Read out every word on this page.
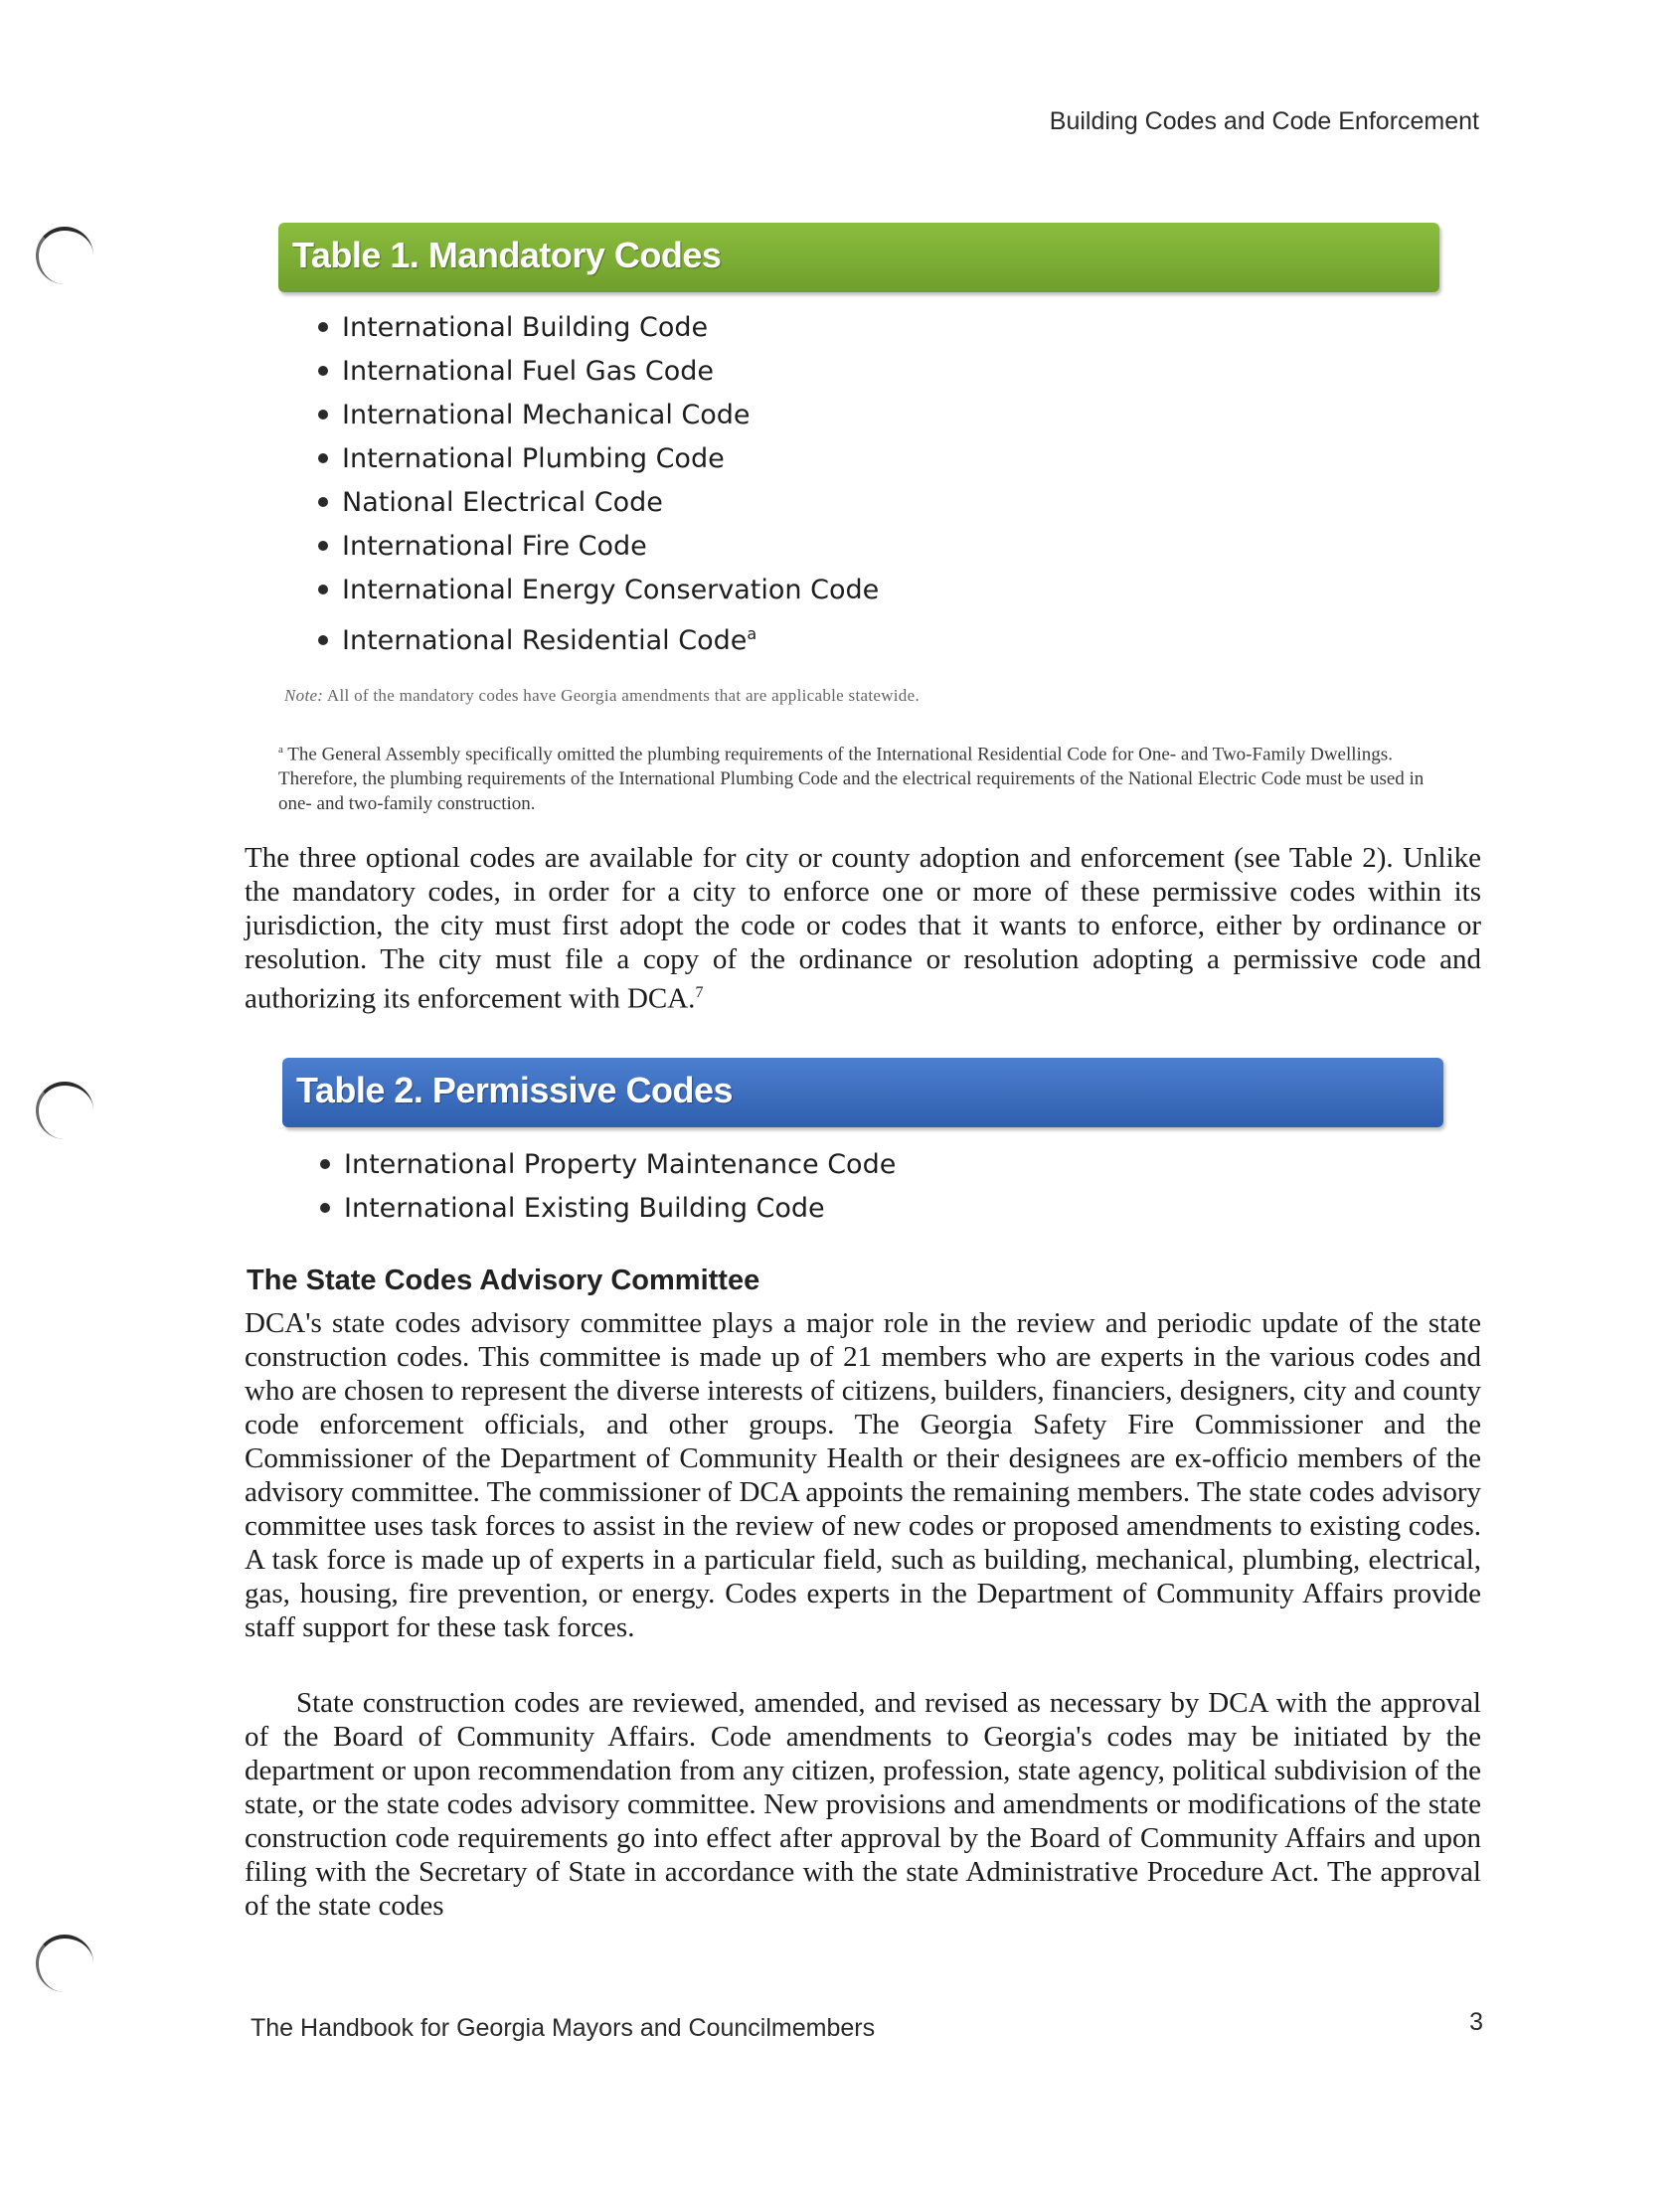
Building Codes and Code Enforcement
Table 1. Mandatory Codes
International Building Code
International Fuel Gas Code
International Mechanical Code
International Plumbing Code
National Electrical Code
International Fire Code
International Energy Conservation Code
International Residential Code$^a$
Note: All of the mandatory codes have Georgia amendments that are applicable statewide.
$^a$ The General Assembly specifically omitted the plumbing requirements of the International Residential Code for One- and Two-Family Dwellings. Therefore, the plumbing requirements of the International Plumbing Code and the electrical requirements of the National Electric Code must be used in one- and two-family construction.
The three optional codes are available for city or county adoption and enforcement (see Table 2). Unlike the mandatory codes, in order for a city to enforce one or more of these permissive codes within its jurisdiction, the city must first adopt the code or codes that it wants to enforce, either by ordinance or resolution. The city must file a copy of the ordinance or resolution adopting a permissive code and authorizing its enforcement with DCA.$^7$
Table 2. Permissive Codes
International Property Maintenance Code
International Existing Building Code
The State Codes Advisory Committee
DCA's state codes advisory committee plays a major role in the review and periodic update of the state construction codes. This committee is made up of 21 members who are experts in the various codes and who are chosen to represent the diverse interests of citizens, builders, financiers, designers, city and county code enforcement officials, and other groups. The Georgia Safety Fire Commissioner and the Commissioner of the Department of Community Health or their designees are ex-officio members of the advisory committee. The commissioner of DCA appoints the remaining members. The state codes advisory committee uses task forces to assist in the review of new codes or proposed amendments to existing codes. A task force is made up of experts in a particular field, such as building, mechanical, plumbing, electrical, gas, housing, fire prevention, or energy. Codes experts in the Department of Community Affairs provide staff support for these task forces.
State construction codes are reviewed, amended, and revised as necessary by DCA with the approval of the Board of Community Affairs. Code amendments to Georgia's codes may be initiated by the department or upon recommendation from any citizen, profession, state agency, political subdivision of the state, or the state codes advisory committee. New provisions and amendments or modifications of the state construction code requirements go into effect after approval by the Board of Community Affairs and upon filing with the Secretary of State in accordance with the state Administrative Procedure Act. The approval of the state codes
The Handbook for Georgia Mayors and Councilmembers	3
